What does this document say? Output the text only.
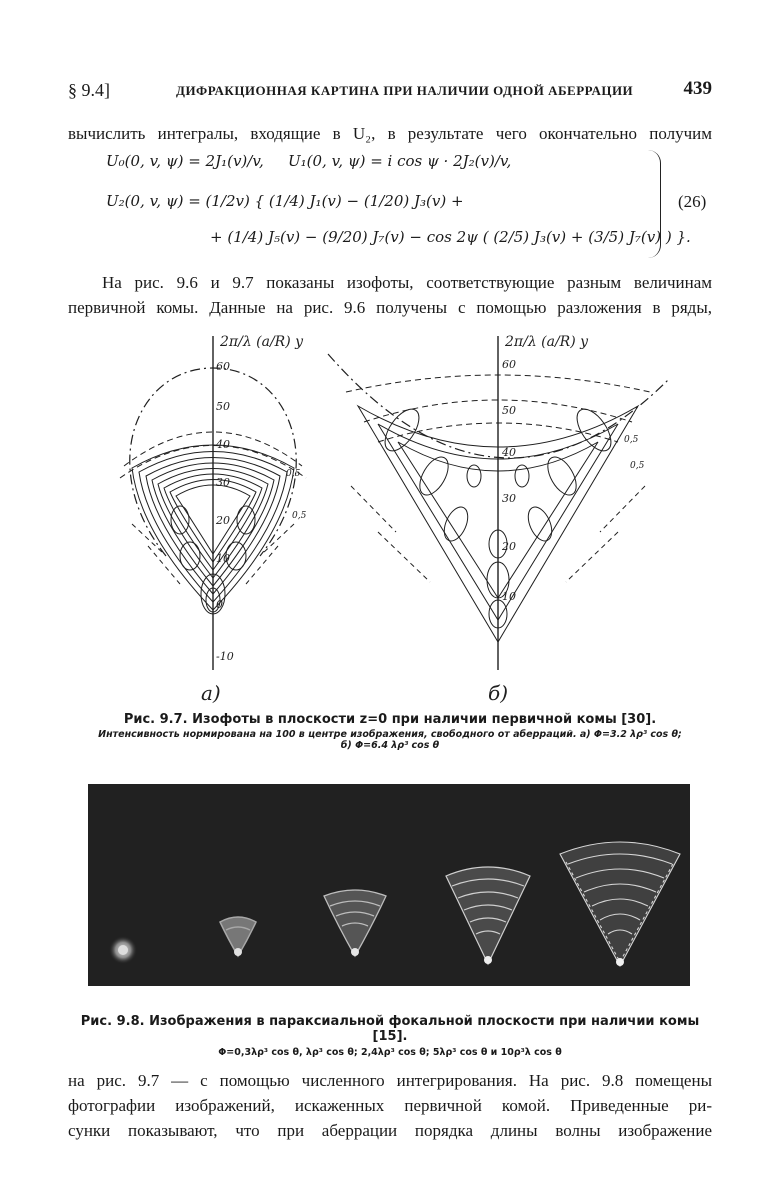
§ 9.4]	ДИФРАКЦИОННАЯ КАРТИНА ПРИ НАЛИЧИИ ОДНОЙ АБЕРРАЦИИ	439
вычислить интегралы, входящие в U₂, в результате чего окончательно получим
U₀(0, v, ψ) = 2J₁(v)/v, U₁(0, v, ψ) = i cos ψ · 2J₂(v)/v,
U₂(0, v, ψ) = (1/2v) { (1/4) J₁(v) − (1/20) J₃(v) +
+ (1/4) J₅(v) − (9/20) J₇(v) − cos 2ψ ( (2/5) J₃(v) + (3/5) J₇(v) ) }.
(26)
На рис. 9.6 и 9.7 показаны изофоты, соответствующие разным величинам
первичной комы. Данные на рис. 9.6 получены с помощью разложения в ряды,
2π/λ (a/R) y
60
50
40
30
20
10
0
-10
0,5
0,5
а)
2π/λ (a/R) y
60
50
40
30
20
10
0,5
0,5
б)
Рис. 9.7. Изофоты в плоскости z=0 при наличии первичной комы [30].
Интенсивность нормирована на 100 в центре изображения, свободного от аберраций. а) Φ=3.2 λρ³ cos θ;
б) Φ=6.4 λρ³ cos θ
Рис. 9.8. Изображения в параксиальной фокальной плоскости при наличии комы [15].
Φ=0,3λρ³ cos θ, λρ³ cos θ; 2,4λρ³ cos θ; 5λρ³ cos θ и 10ρ³λ cos θ
на рис. 9.7 — с помощью численного интегрирования. На рис. 9.8 помещены
фотографии изображений, искаженных первичной комой. Приведенные ри-
сунки показывают, что при аберрации порядка длины волны изображение
